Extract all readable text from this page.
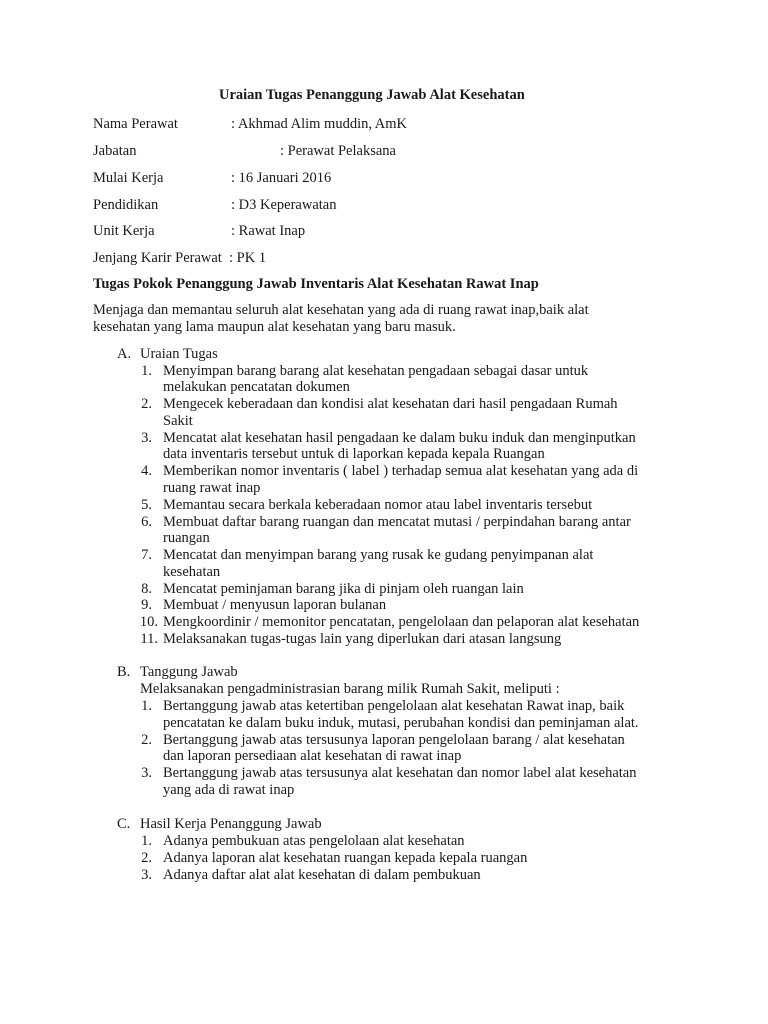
Uraian Tugas Penanggung Jawab Alat Kesehatan
Nama Perawat	: Akhmad Alim muddin, AmK
Jabatan	: Perawat Pelaksana
Mulai Kerja	: 16 Januari 2016
Pendidikan	: D3 Keperawatan
Unit Kerja	: Rawat Inap
Jenjang Karir Perawat : PK 1
Tugas Pokok Penanggung Jawab Inventaris Alat Kesehatan Rawat Inap
Menjaga dan memantau seluruh alat kesehatan yang ada di ruang rawat inap,baik alat
kesehatan yang lama maupun alat kesehatan yang baru masuk.
A. Uraian Tugas
1. Menyimpan barang barang alat kesehatan pengadaan sebagai dasar untuk
melakukan pencatatan dokumen
2. Mengecek keberadaan dan kondisi alat kesehatan dari hasil pengadaan Rumah
Sakit
3. Mencatat alat kesehatan hasil pengadaan ke dalam buku induk dan menginputkan
data inventaris tersebut untuk di laporkan kepada kepala Ruangan
4. Memberikan nomor inventaris ( label ) terhadap semua alat kesehatan yang ada di
ruang rawat inap
5. Memantau secara berkala keberadaan nomor atau label inventaris tersebut
6. Membuat daftar barang ruangan dan mencatat mutasi / perpindahan barang antar
ruangan
7. Mencatat dan menyimpan barang yang rusak ke gudang penyimpanan alat
kesehatan
8. Mencatat peminjaman barang jika di pinjam oleh ruangan lain
9. Membuat / menyusun laporan bulanan
10. Mengkoordinir / memonitor pencatatan, pengelolaan dan pelaporan alat kesehatan
11. Melaksanakan tugas-tugas lain yang diperlukan dari atasan langsung
B. Tanggung Jawab
Melaksanakan pengadministrasian barang milik Rumah Sakit, meliputi :
1. Bertanggung jawab atas ketertiban pengelolaan alat kesehatan Rawat inap, baik
pencatatan ke dalam buku induk, mutasi, perubahan kondisi dan peminjaman alat.
2. Bertanggung jawab atas tersusunya laporan pengelolaan barang / alat kesehatan
dan laporan persediaan alat kesehatan di rawat inap
3. Bertanggung jawab atas tersusunya alat kesehatan dan nomor label alat kesehatan
yang ada di rawat inap
C. Hasil Kerja Penanggung Jawab
1. Adanya pembukuan atas pengelolaan alat kesehatan
2. Adanya laporan alat kesehatan ruangan kepada kepala ruangan
3. Adanya daftar alat alat kesehatan di dalam pembukuan
